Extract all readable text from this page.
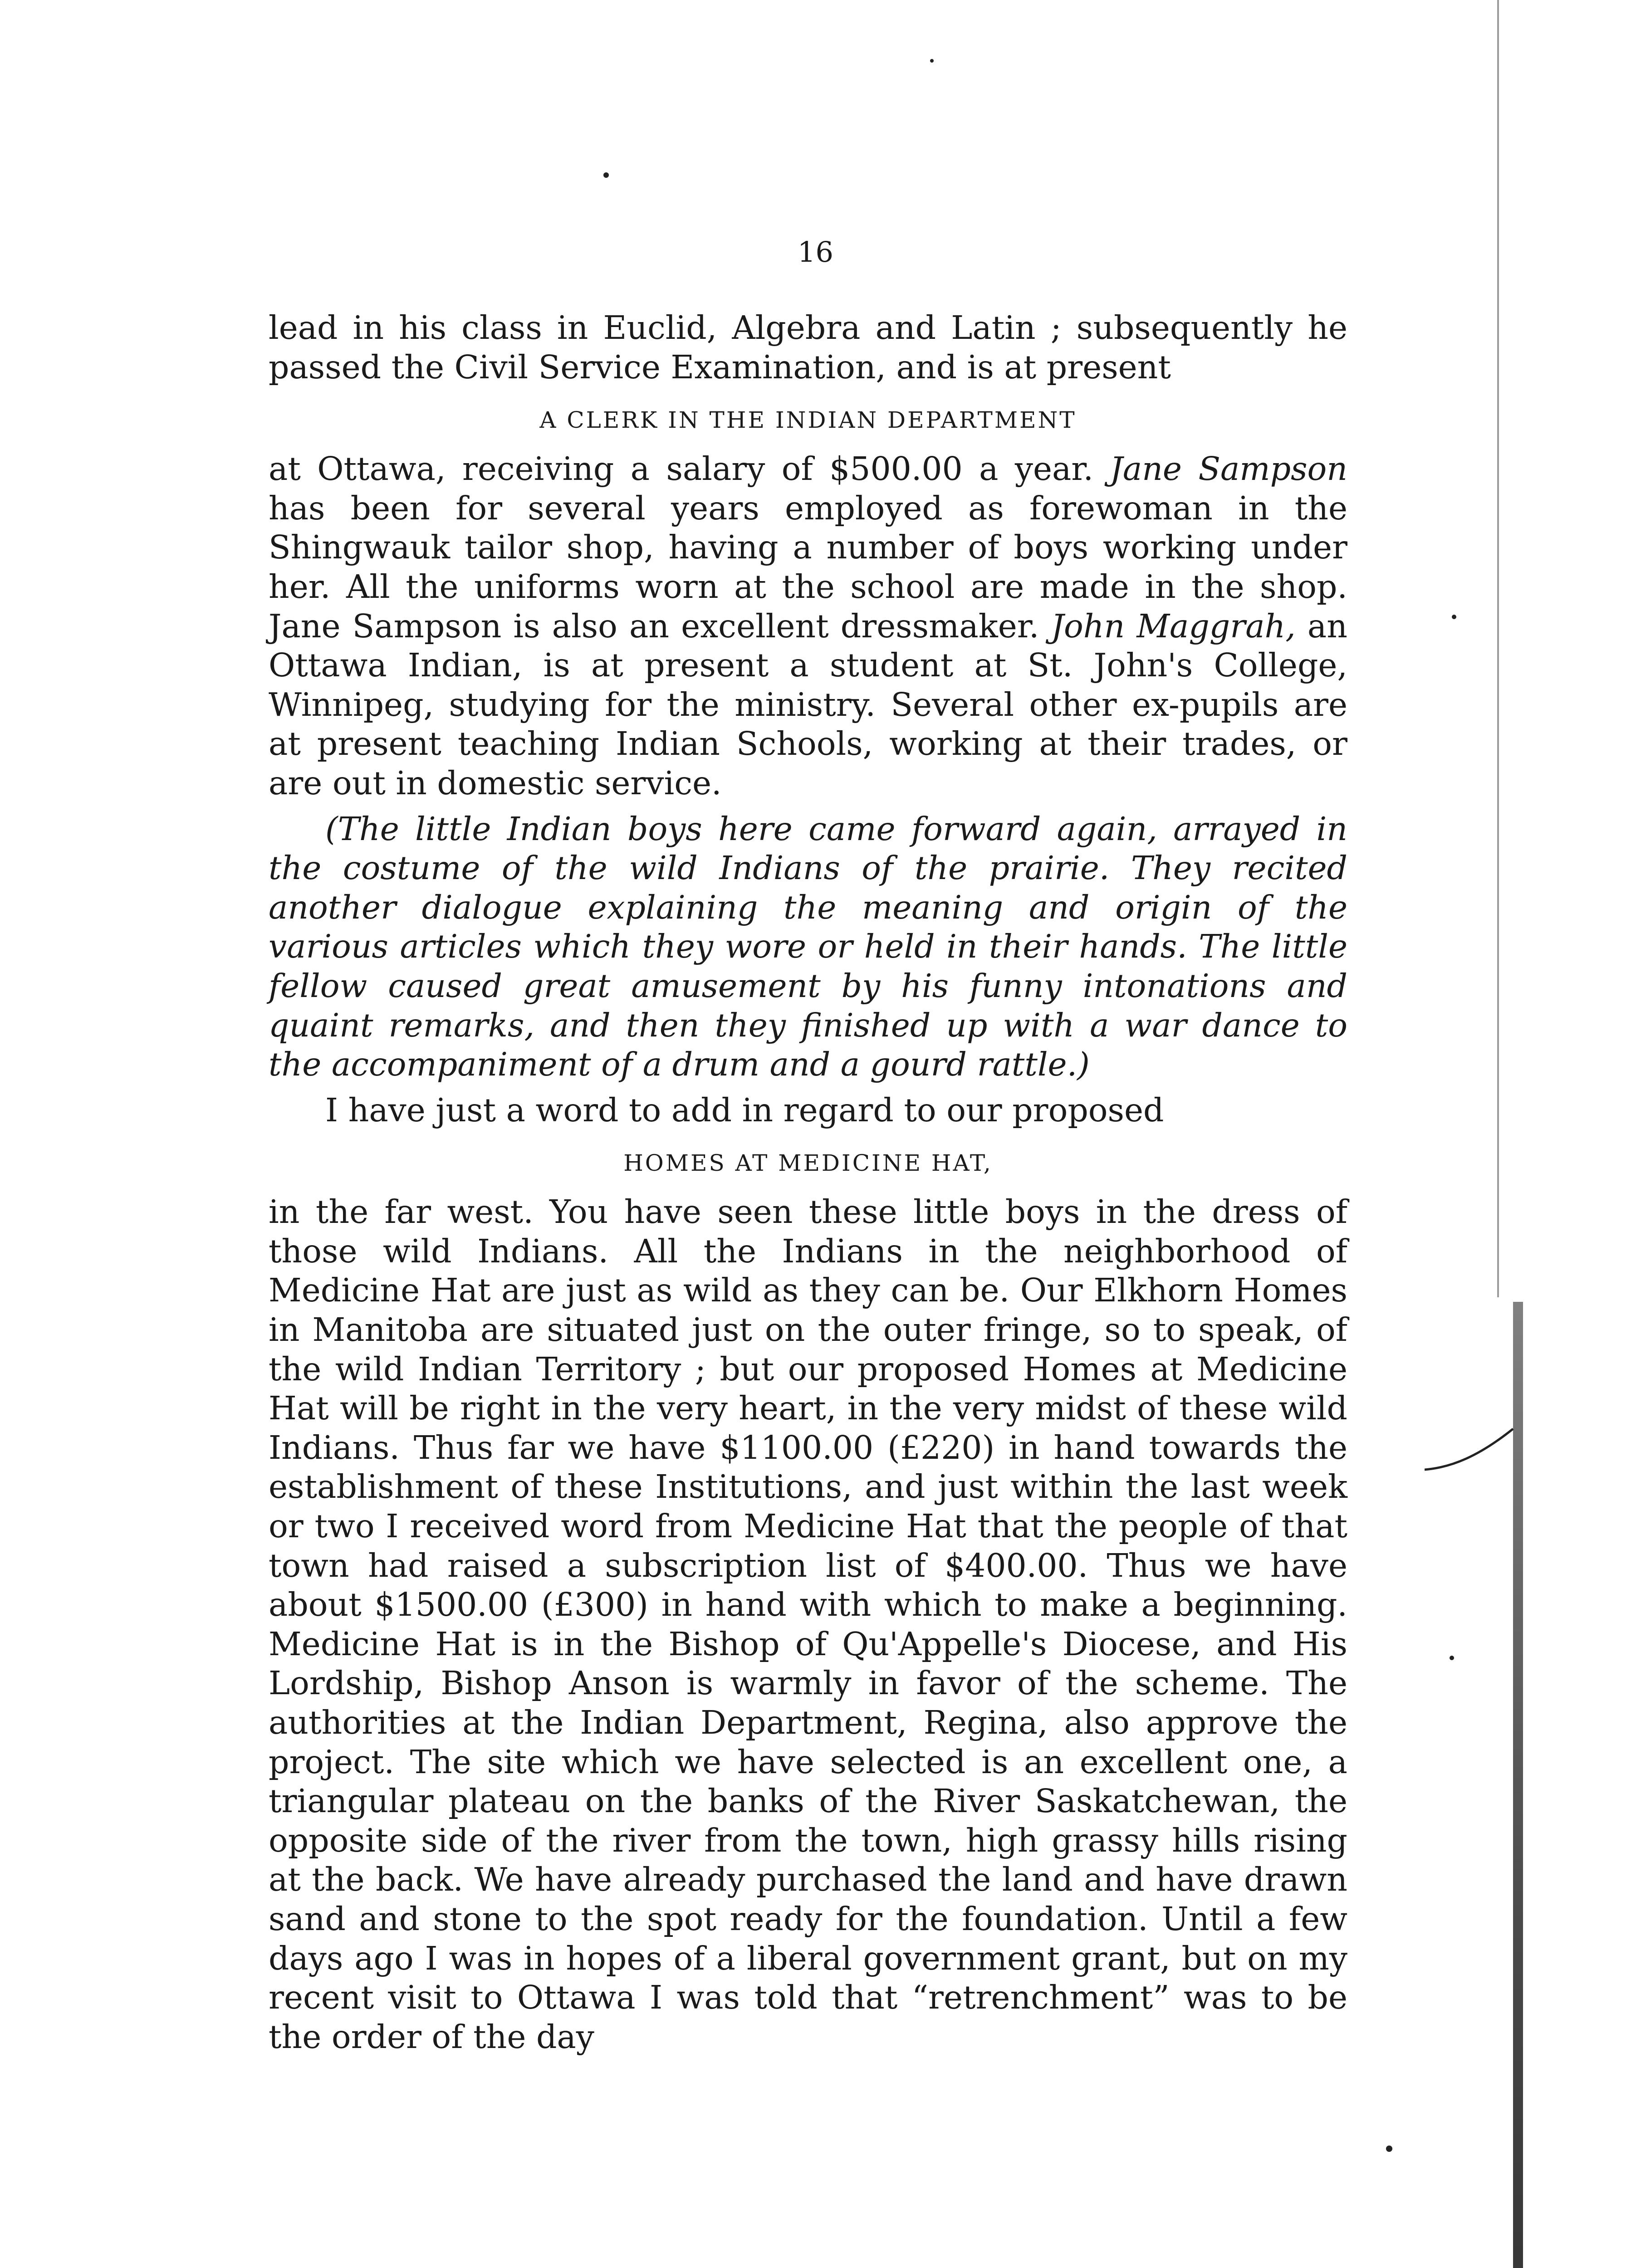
16

lead in his class in Euclid, Algebra and Latin ; subsequently he passed the Civil Service Examination, and is at present

A CLERK IN THE INDIAN DEPARTMENT

at Ottawa, receiving a salary of $500.00 a year. Jane Sampson has been for several years employed as forewoman in the Shingwauk tailor shop, having a number of boys working under her. All the uniforms worn at the school are made in the shop. Jane Sampson is also an excellent dressmaker. John Maggrah, an Ottawa Indian, is at present a student at St. John's College, Winnipeg, studying for the ministry. Several other ex-pupils are at present teaching Indian Schools, working at their trades, or are out in domestic service.

(The little Indian boys here came forward again, arrayed in the costume of the wild Indians of the prairie. They recited another dialogue explaining the meaning and origin of the various articles which they wore or held in their hands. The little fellow caused great amusement by his funny intonations and quaint remarks, and then they finished up with a war dance to the accompaniment of a drum and a gourd rattle.)

I have just a word to add in regard to our proposed

HOMES AT MEDICINE HAT,

in the far west. You have seen these little boys in the dress of those wild Indians. All the Indians in the neighborhood of Medicine Hat are just as wild as they can be. Our Elkhorn Homes in Manitoba are situated just on the outer fringe, so to speak, of the wild Indian Territory ; but our proposed Homes at Medicine Hat will be right in the very heart, in the very midst of these wild Indians. Thus far we have $1100.00 (£220) in hand towards the establishment of these Institutions, and just within the last week or two I received word from Medicine Hat that the people of that town had raised a subscription list of $400.00. Thus we have about $1500.00 (£300) in hand with which to make a beginning. Medicine Hat is in the Bishop of Qu'Appelle's Diocese, and His Lordship, Bishop Anson is warmly in favor of the scheme. The authorities at the Indian Department, Regina, also approve the project. The site which we have selected is an excellent one, a triangular plateau on the banks of the River Saskatchewan, the opposite side of the river from the town, high grassy hills rising at the back. We have already purchased the land and have drawn sand and stone to the spot ready for the foundation. Until a few days ago I was in hopes of a liberal government grant, but on my recent visit to Ottawa I was told that “retrenchment” was to be the order of the day
